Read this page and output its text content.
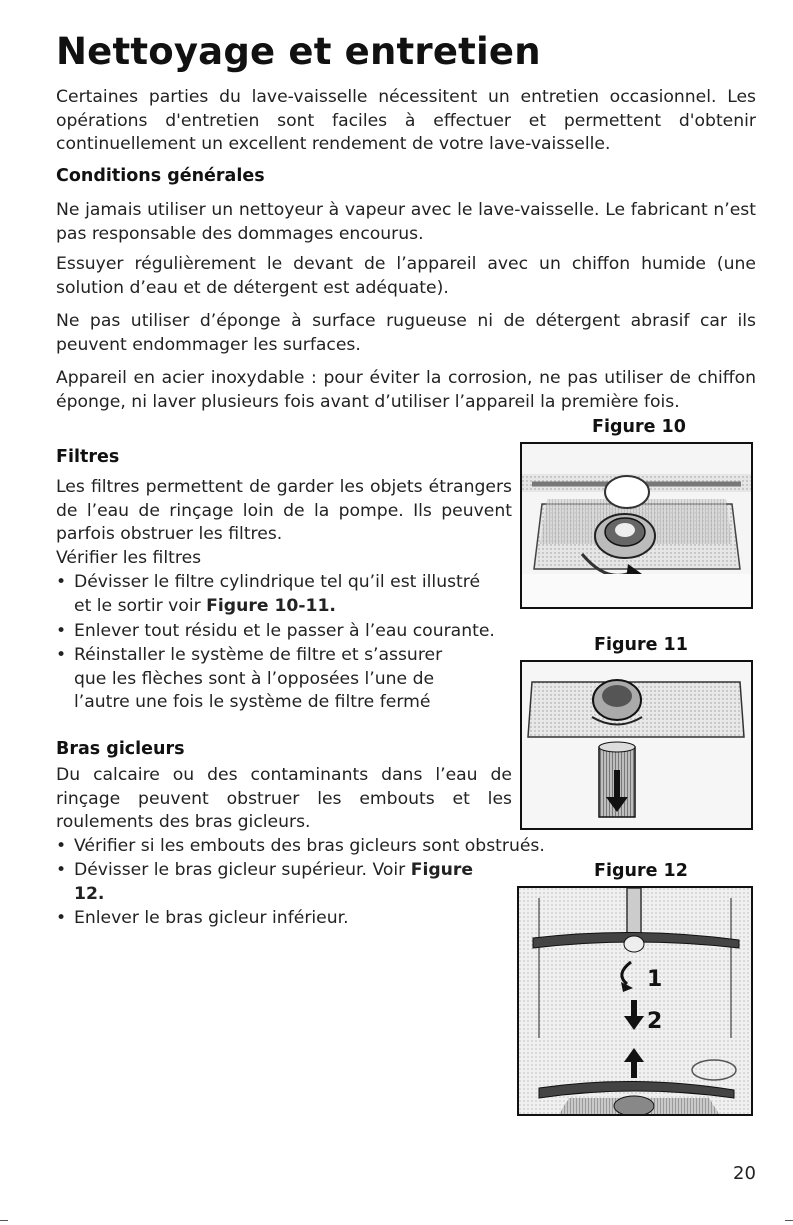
Nettoyage et entretien

Certaines parties du lave-vaisselle nécessitent un entretien occasionnel. Les opérations d'entretien sont faciles à effectuer et permettent d'obtenir continuellement un excellent rendement de votre lave-vaisselle.

Conditions générales

Ne jamais utiliser un nettoyeur à vapeur avec le lave-vaisselle. Le fabricant n’est pas responsable des dommages encourus.

Essuyer régulièrement le devant de l’appareil avec un chiffon humide (une solution d’eau et de détergent est adéquate).

Ne pas utiliser d’éponge à surface rugueuse ni de détergent abrasif car ils peuvent endommager les surfaces.

Appareil en acier inoxydable : pour éviter la corrosion, ne pas utiliser de chiffon éponge, ni laver plusieurs fois avant d’utiliser l’appareil la première fois.

Figure 10

Filtres

Les filtres permettent de garder les objets étrangers de l’eau de rinçage loin de la pompe. Ils peuvent parfois obstruer les filtres.

Vérifier les filtres

• Dévisser le filtre cylindrique tel qu’il est illustré
et le sortir voir Figure 10-11.
• Enlever tout résidu et le passer à l’eau courante.
• Réinstaller le système de filtre et s’assurer
que les flèches sont à l’opposées l’une de
l’autre une fois le système de filtre fermé

Figure 11

Bras gicleurs

Du calcaire ou des contaminants dans l’eau de rinçage peuvent obstruer les embouts et les roulements des bras gicleurs.

• Vérifier si les embouts des bras gicleurs sont obstrués.
• Dévisser le bras gicleur supérieur. Voir Figure
12.
• Enlever le bras gicleur inférieur.

Figure 12

1
2
20
